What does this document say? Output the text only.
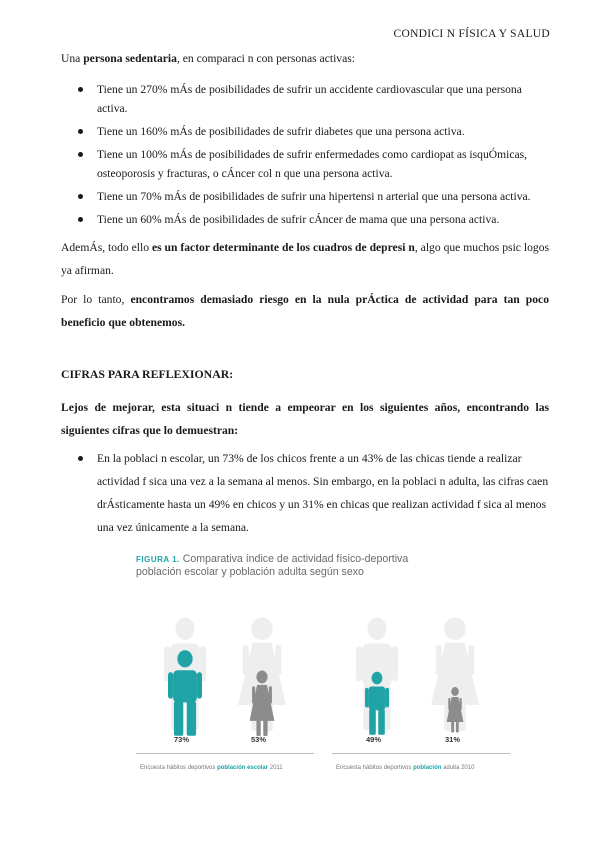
CONDICI N FÍSICA Y SALUD
Una persona sedentaria, en comparaci n con personas activas:
Tiene un 270% mÁs de posibilidades de sufrir un accidente cardiovascular que una persona activa.
Tiene un 160% mÁs de posibilidades de sufrir diabetes que una persona activa.
Tiene un 100% mÁs de posibilidades de sufrir enfermedades como cardiopat as isquÓmicas, osteoporosis y fracturas, o cÁncer col n que una persona activa.
Tiene un 70% mÁs de posibilidades de sufrir una hipertensi n arterial que una persona activa.
Tiene un 60% mÁs de posibilidades de sufrir cÁncer de mama que una persona activa.
AdemÁs, todo ello es un factor determinante de los cuadros de depresi n, algo que muchos psic logos ya afirman.
Por lo tanto, encontramos demasiado riesgo en la nula prÁctica de actividad para tan poco beneficio que obtenemos.
CIFRAS PARA REFLEXIONAR:
Lejos de mejorar, esta situaci n tiende a empeorar en los siguientes años, encontrando las siguientes cifras que lo demuestran:
En la poblaci n escolar, un 73% de los chicos frente a un 43% de las chicas tiende a realizar actividad f sica una vez a la semana al menos. Sin embargo, en la poblaci n adulta, las cifras caen drÁsticamente hasta un 49% en chicos y un 31% en chicas que realizan actividad f sica al menos una vez únicamente a la semana.
FIGURA 1. Comparativa índice de actividad físico-deportiva
población escolar y población adulta según sexo
73%	53%	49%	31%
Encuesta hábitos deportivos población escolar 2011	Encuesta hábitos deportivos población adulta 2010
